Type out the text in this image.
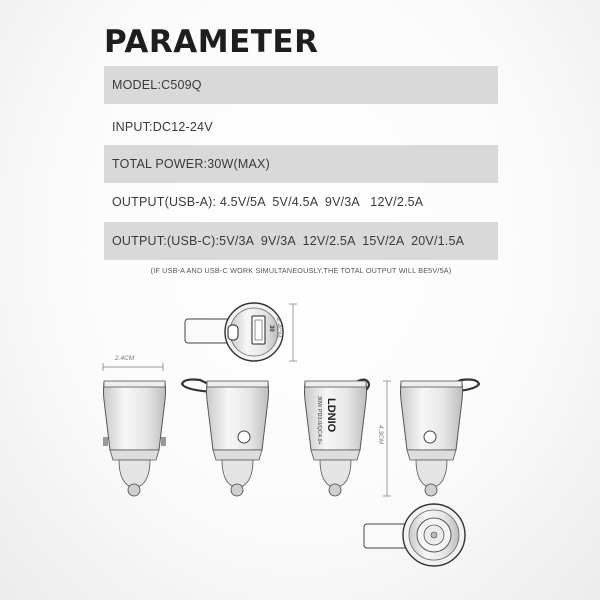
PARAMETER
MODEL:C509Q
INPUT:DC12-24V
TOTAL POWER:30W(MAX)
OUTPUT(USB-A): 4.5V/5A  5V/4.5A  9V/3A   12V/2.5A
OUTPUT:(USB-C):5V/3A  9V/3A  12V/2.5A  15V/2A  20V/1.5A
(IF USB-A AND USB-C WORK SIMULTANEOUSLY,THE TOTAL OUTPUT WILL BE5V/5A)
30
LDNIO
30W PD3.0/QC4.0+
2.4CM
2.4CM
4.3CM
